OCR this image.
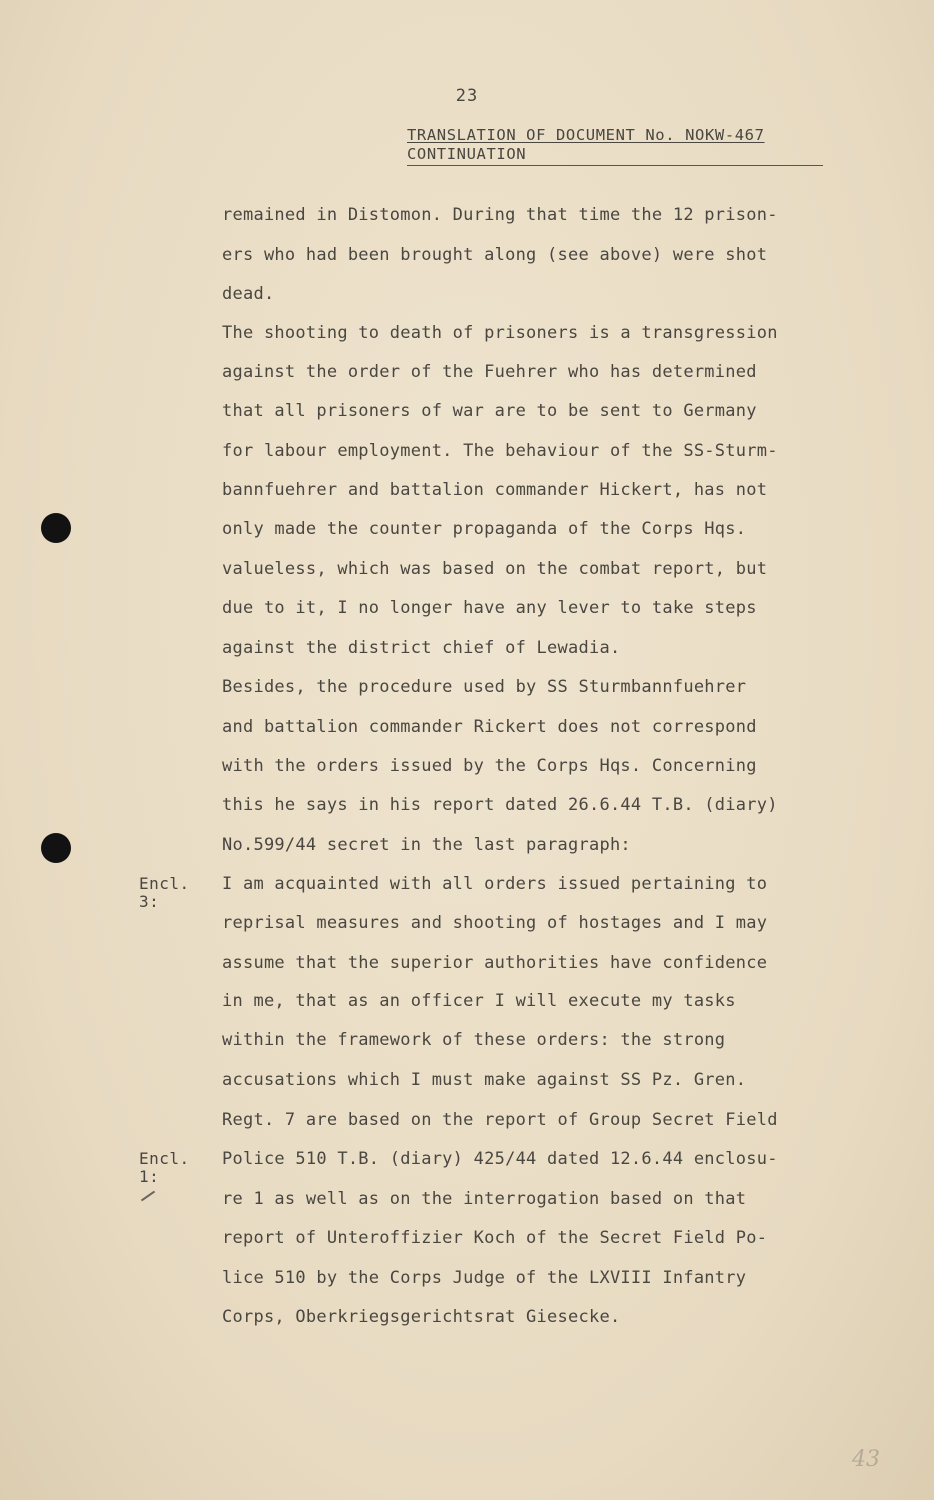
23
TRANSLATION OF DOCUMENT No. NOKW-467
CONTINUATION
remained in Distomon. During that time the 12 prison-
ers who had been brought along (see above) were shot
dead.
The shooting to death of prisoners is a transgression
against the order of the Fuehrer who has determined
that all prisoners of war are to be sent to Germany
for labour employment. The behaviour of the SS-Sturm-
bannfuehrer and battalion commander Hickert, has not
only made the counter propaganda of the Corps Hqs.
valueless, which was based on the combat report, but
due to it, I no longer have any lever to take steps
against the district chief of Lewadia.
Besides, the procedure used by SS Sturmbannfuehrer
and battalion commander Rickert does not correspond
with the orders issued by the Corps Hqs. Concerning
this he says in his report dated 26.6.44 T.B. (diary)
No.599/44 secret in the last paragraph:
I am acquainted with all orders issued pertaining to
reprisal measures and shooting of hostages and I may
assume that the superior authorities have confidence
in me, that as an officer I will execute my tasks
within the framework of these orders: the strong
accusations which I must make against SS Pz. Gren.
Regt. 7 are based on the report of Group Secret Field
Police 510 T.B. (diary) 425/44 dated 12.6.44 enclosu-
re 1 as well as on the interrogation based on that
report of Unteroffizier Koch of the Secret Field Po-
lice 510 by the Corps Judge of the LXVIII Infantry
Corps, Oberkriegsgerichtsrat Giesecke.
Encl.
3:
Encl.
1:
43
